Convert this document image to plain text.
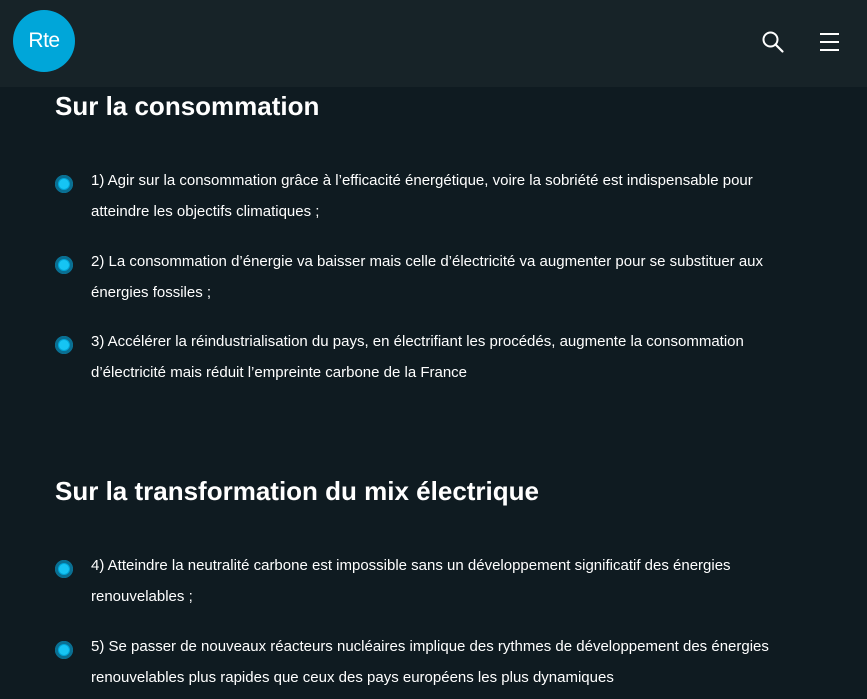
Rte
Sur la consommation
1) Agir sur la consommation grâce à l’efficacité énergétique, voire la sobriété est indispensable pour atteindre les objectifs climatiques ;
2) La consommation d’énergie va baisser mais celle d’électricité va augmenter pour se substituer aux énergies fossiles ;
3) Accélérer la réindustrialisation du pays, en électrifiant les procédés, augmente la consommation d’électricité mais réduit l’empreinte carbone de la France
Sur la transformation du mix électrique
4) Atteindre la neutralité carbone est impossible sans un développement significatif des énergies renouvelables ;
5) Se passer de nouveaux réacteurs nucléaires implique des rythmes de développement des énergies renouvelables plus rapides que ceux des pays européens les plus dynamiques
